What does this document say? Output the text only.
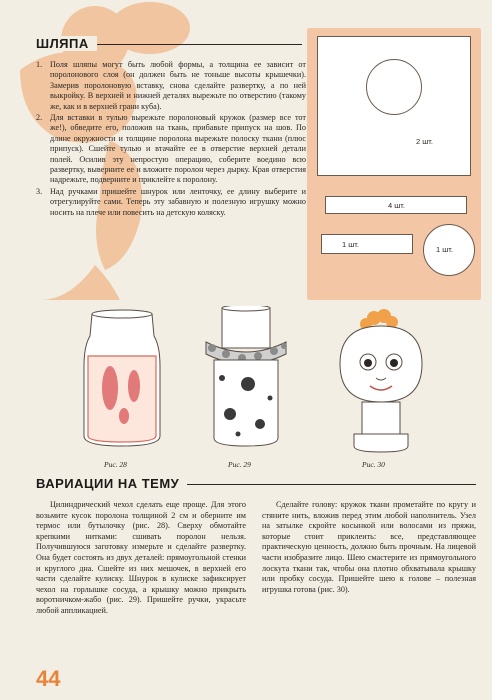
ШЛЯПА
1. Поля шляпы могут быть любой формы, а толщина ее зависит от поролонового слоя (он должен быть не тоньше высоты крышечки). Замерив поролоновую вставку, снова сделайте развертку, а по ней выкройку. В верхней и нижней деталях вырежьте по отверстию (такому же, как и в верхней грани куба).
2. Для вставки в тулью вырежьте поролоновый кружок (размер все тот же!), обведите его, положив на ткань, прибавьте припуск на шов. По длине окружности и толщине поролона вырежьте полоску ткани (плюс припуск). Сшейте тулью и втачайте ее в отверстие верхней детали полей. Осилив эту непростую операцию, соберите воедино всю развертку, выверните ее и вложите поролон через дырку. Края отверстия надрежьте, подверните и приклейте к поролону.
3. Над ручками пришейте шнурок или ленточку, ее длину выберите и отрегулируйте сами. Теперь эту забавную и полезную игрушку можно носить на плече или повесить на детскую коляску.
2 шт.
4 шт.
1 шт.
1 шт.
Рис. 28	Рис. 29	Рис. 30
ВАРИАЦИИ НА ТЕМУ

Цилиндрический чехол сделать еще проще. Для этого возьмите кусок поролона толщиной 2 см и оберните им термос или бутылочку (рис. 28). Сверху обмотайте крепкими нитками: сшивать поролон нельзя. Получившуюся заготовку измерьте и сделайте развертку. Она будет состоять из двух деталей: прямоугольной стенки и круглого дна. Сшейте из них мешочек, в верхней его части сделайте кулиску. Шнурок в кулиске зафиксирует чехол на горлышке сосуда, а крышку можно прикрыть воротничком-жабо (рис. 29). Пришейте ручки, украсьте любой аппликацией.

Сделайте голову: кружок ткани прометайте по кругу и стяните нить, вложив перед этим любой наполнитель. Узел на затылке скройте косынкой или волосами из пряжи, которые стоит приклеить: все, представляющее практическую ценность, должно быть прочным. На лицевой части изобразите лицо. Шею смастерите из прямоугольного лоскута ткани так, чтобы она плотно обхватывала крышку или пробку сосуда. Пришейте шею к голове – полезная игрушка готова (рис. 30).

44
